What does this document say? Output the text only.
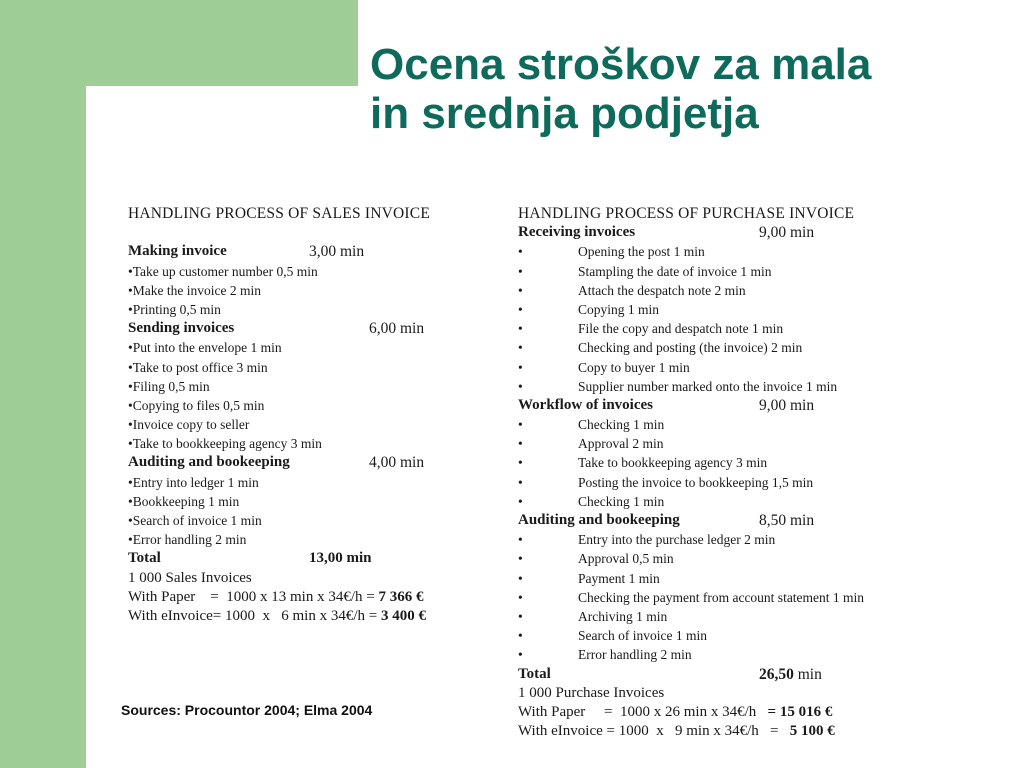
Ocena stroškov za mala
in srednja podjetja
HANDLING PROCESS OF SALES INVOICE
Making invoice	3,00 min
•Take up customer number 0,5 min
•Make the invoice 2 min
•Printing 0,5 min
Sending invoices	6,00 min
•Put into the envelope 1 min
•Take to post office 3 min
•Filing 0,5 min
•Copying to files 0,5 min
•Invoice copy to seller
•Take to bookkeeping agency 3 min
Auditing and bookeeping	4,00 min
•Entry into ledger 1 min
•Bookkeeping 1 min
•Search of invoice 1 min
•Error handling 2 min
Total	13,00 min
1 000 Sales Invoices
With Paper    =  1000 x 13 min x 34€/h = 7 366 €
With eInvoice= 1000  x   6 min x 34€/h = 3 400 €
HANDLING PROCESS OF PURCHASE INVOICE
Receiving invoices	9,00 min
•	Opening the post 1 min
•	Stampling the date of invoice 1 min
•	Attach the despatch note 2 min
•	Copying 1 min
•	File the copy and despatch note 1 min
•	Checking and posting (the invoice) 2 min
•	Copy to buyer 1 min
•	Supplier number marked onto the invoice 1 min
Workflow of invoices	9,00 min
•	Checking 1 min
•	Approval 2 min
•	Take to bookkeeping agency 3 min
•	Posting the invoice to bookkeeping 1,5 min
•	Checking 1 min
Auditing and bookeeping	8,50 min
•	Entry into the purchase ledger 2 min
•	Approval 0,5 min
•	Payment 1 min
•	Checking the payment from account statement 1 min
•	Archiving 1 min
•	Search of invoice 1 min
•	Error handling 2 min
Total	26,50 min
1 000 Purchase Invoices
With Paper     =  1000 x 26 min x 34€/h   = 15 016 €
With eInvoice = 1000  x   9 min x 34€/h   =   5 100 €
Sources: Procountor 2004; Elma 2004
